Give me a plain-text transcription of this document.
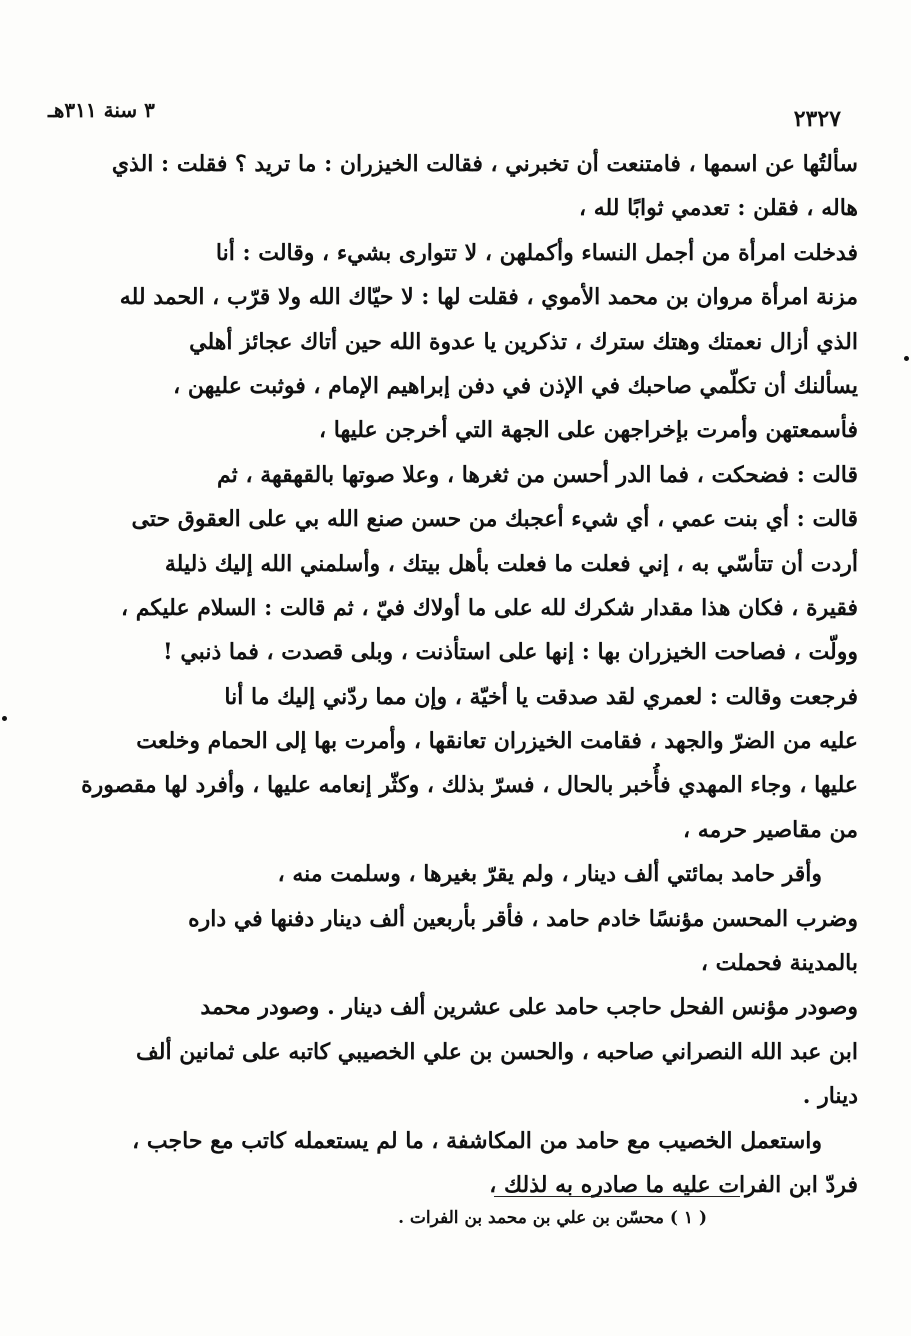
٢٣٢٧
٣ سنة ٣١١هـ
سألتُها عن اسمها ، فامتنعت أن تخبرني ، فقالت الخيزران : ما تريد ؟ فقلت : الذي
هاله ، فقلن : تعدمي ثوابًا لله ،
فدخلت امرأة من أجمل النساء وأكملهن ، لا تتوارى بشيء ، وقالت : أنا
مزنة امرأة مروان بن محمد الأموي ، فقلت لها : لا حيّاك الله ولا قرّب ، الحمد لله
الذي أزال نعمتك وهتك سترك ، تذكرين يا عدوة الله حين أتاك عجائز أهلي
يسألنك أن تكلّمي صاحبك في الإذن في دفن إبراهيم الإمام ، فوثبت عليهن ،
فأسمعتهن وأمرت بإخراجهن على الجهة التي أخرجن عليها ،
قالت : فضحكت ، فما الدر أحسن من ثغرها ، وعلا صوتها بالقهقهة ، ثم
قالت : أي بنت عمي ، أي شيء أعجبك من حسن صنع الله بي على العقوق حتى
أردت أن تتأسّي به ، إني فعلت ما فعلت بأهل بيتك ، وأسلمني الله إليك ذليلة
فقيرة ، فكان هذا مقدار شكرك لله على ما أولاك فيّ ، ثم قالت : السلام عليكم ،
وولّت ، فصاحت الخيزران بها : إنها على استأذنت ، وبلى قصدت ، فما ذنبي !
فرجعت وقالت : لعمري لقد صدقت يا أخيّة ، وإن مما ردّني إليك ما أنا
عليه من الضرّ والجهد ، فقامت الخيزران تعانقها ، وأمرت بها إلى الحمام وخلعت
عليها ، وجاء المهدي فأُخبر بالحال ، فسرّ بذلك ، وكثّر إنعامه عليها ، وأفرد لها مقصورة
من مقاصير حرمه ،
وأقر حامد بمائتي ألف دينار ، ولم يقرّ بغيرها ، وسلمت منه ،
وضرب المحسن مؤنسًا خادم حامد ، فأقر بأربعين ألف دينار دفنها في داره
بالمدينة فحملت ،
وصودر مؤنس الفحل حاجب حامد على عشرين ألف دينار . وصودر محمد
ابن عبد الله النصراني صاحبه ، والحسن بن علي الخصيبي كاتبه على ثمانين ألف
دينار .
واستعمل الخصيب مع حامد من المكاشفة ، ما لم يستعمله كاتب مع حاجب ،
فردّ ابن الفرات عليه ما صادره به لذلك ،
( ١ ) محسّن بن علي بن محمد بن الفرات .
